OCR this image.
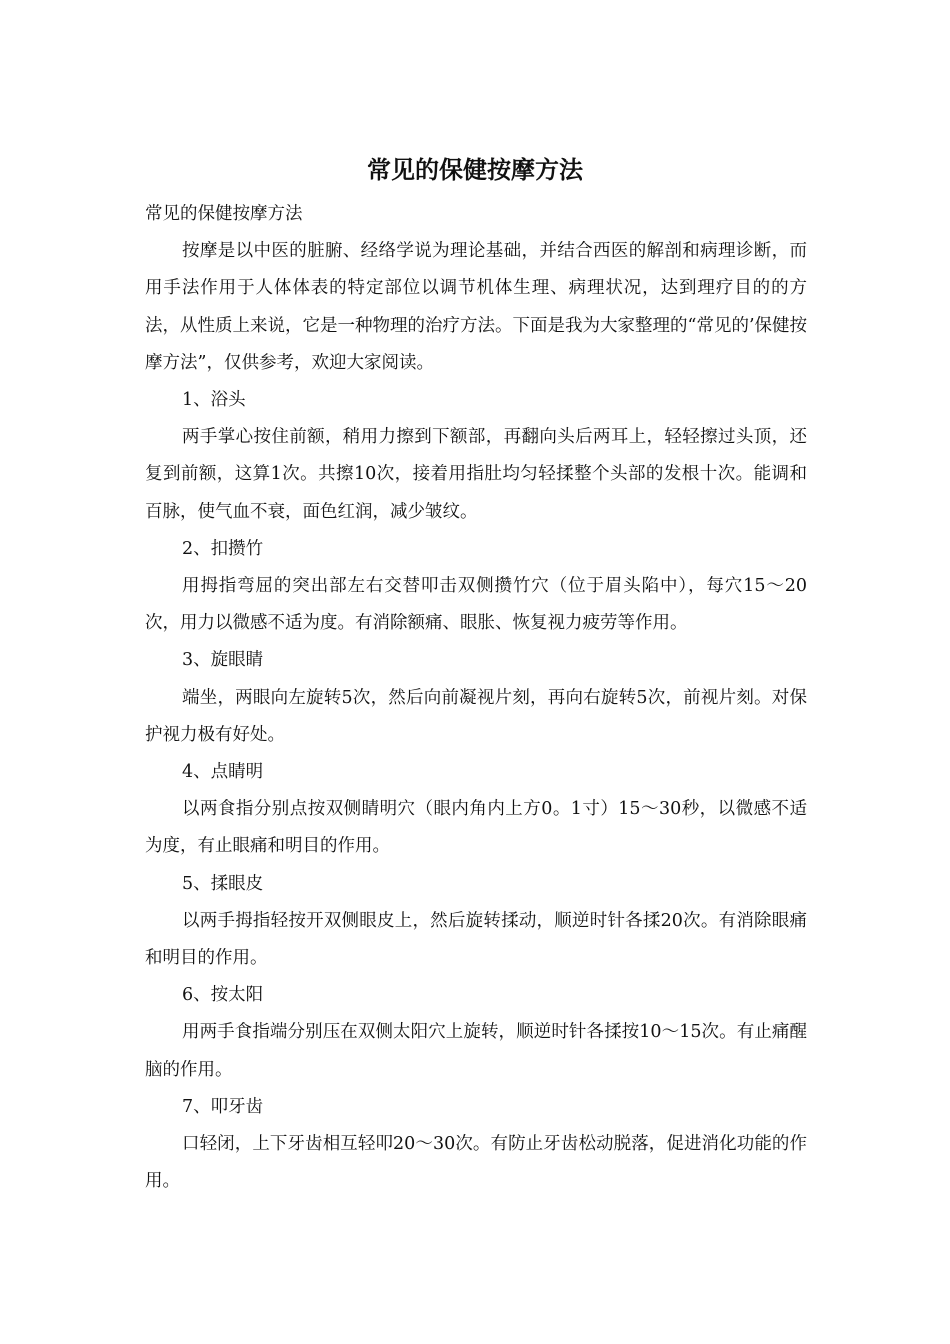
常见的保健按摩方法

常见的保健按摩方法

按摩是以中医的脏腑、经络学说为理论基础，并结合西医的解剖和病理诊断，而用手法作用于人体体表的特定部位以调节机体生理、病理状况，达到理疗目的的方法，从性质上来说，它是一种物理的治疗方法。下面是我为大家整理的“常见的’保健按摩方法”，仅供参考，欢迎大家阅读。

1、浴头

两手掌心按住前额，稍用力擦到下额部，再翻向头后两耳上，轻轻擦过头顶，还复到前额，这算1次。共擦10次，接着用指肚均匀轻揉整个头部的发根十次。能调和百脉，使气血不衰，面色红润，减少皱纹。

2、扣攒竹

用拇指弯屈的突出部左右交替叩击双侧攒竹穴（位于眉头陷中），每穴15～20次，用力以微感不适为度。有消除额痛、眼胀、恢复视力疲劳等作用。

3、旋眼睛

端坐，两眼向左旋转5次，然后向前凝视片刻，再向右旋转5次，前视片刻。对保护视力极有好处。

4、点睛明

以两食指分别点按双侧睛明穴（眼内角内上方0。1寸）15～30秒，以微感不适为度，有止眼痛和明目的作用。

5、揉眼皮

以两手拇指轻按开双侧眼皮上，然后旋转揉动，顺逆时针各揉20次。有消除眼痛和明目的作用。

6、按太阳

用两手食指端分别压在双侧太阳穴上旋转，顺逆时针各揉按10～15次。有止痛醒脑的作用。

7、叩牙齿

口轻闭，上下牙齿相互轻叩20～30次。有防止牙齿松动脱落，促进消化功能的作用。
